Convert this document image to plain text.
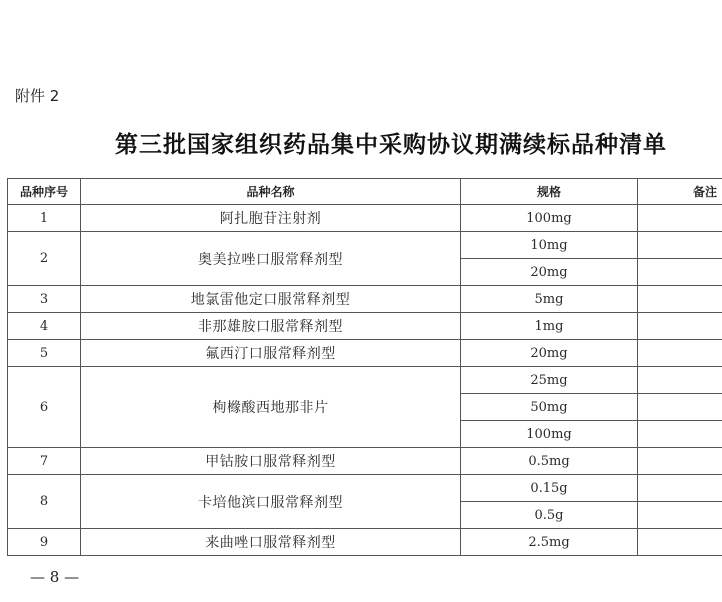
附件 2
第三批国家组织药品集中采购协议期满续标品种清单
品种序号	品种名称	规格	备注
1	阿扎胞苷注射剂	100mg	
2	奥美拉唑口服常释剂型	10mg	
		20mg	
3	地氯雷他定口服常释剂型	5mg	
4	非那雄胺口服常释剂型	1mg	
5	氟西汀口服常释剂型	20mg	
6	枸橼酸西地那非片	25mg	
		50mg	
		100mg	
7	甲钴胺口服常释剂型	0.5mg	
8	卡培他滨口服常释剂型	0.15g	
		0.5g	
9	来曲唑口服常释剂型	2.5mg	
— 8 —
